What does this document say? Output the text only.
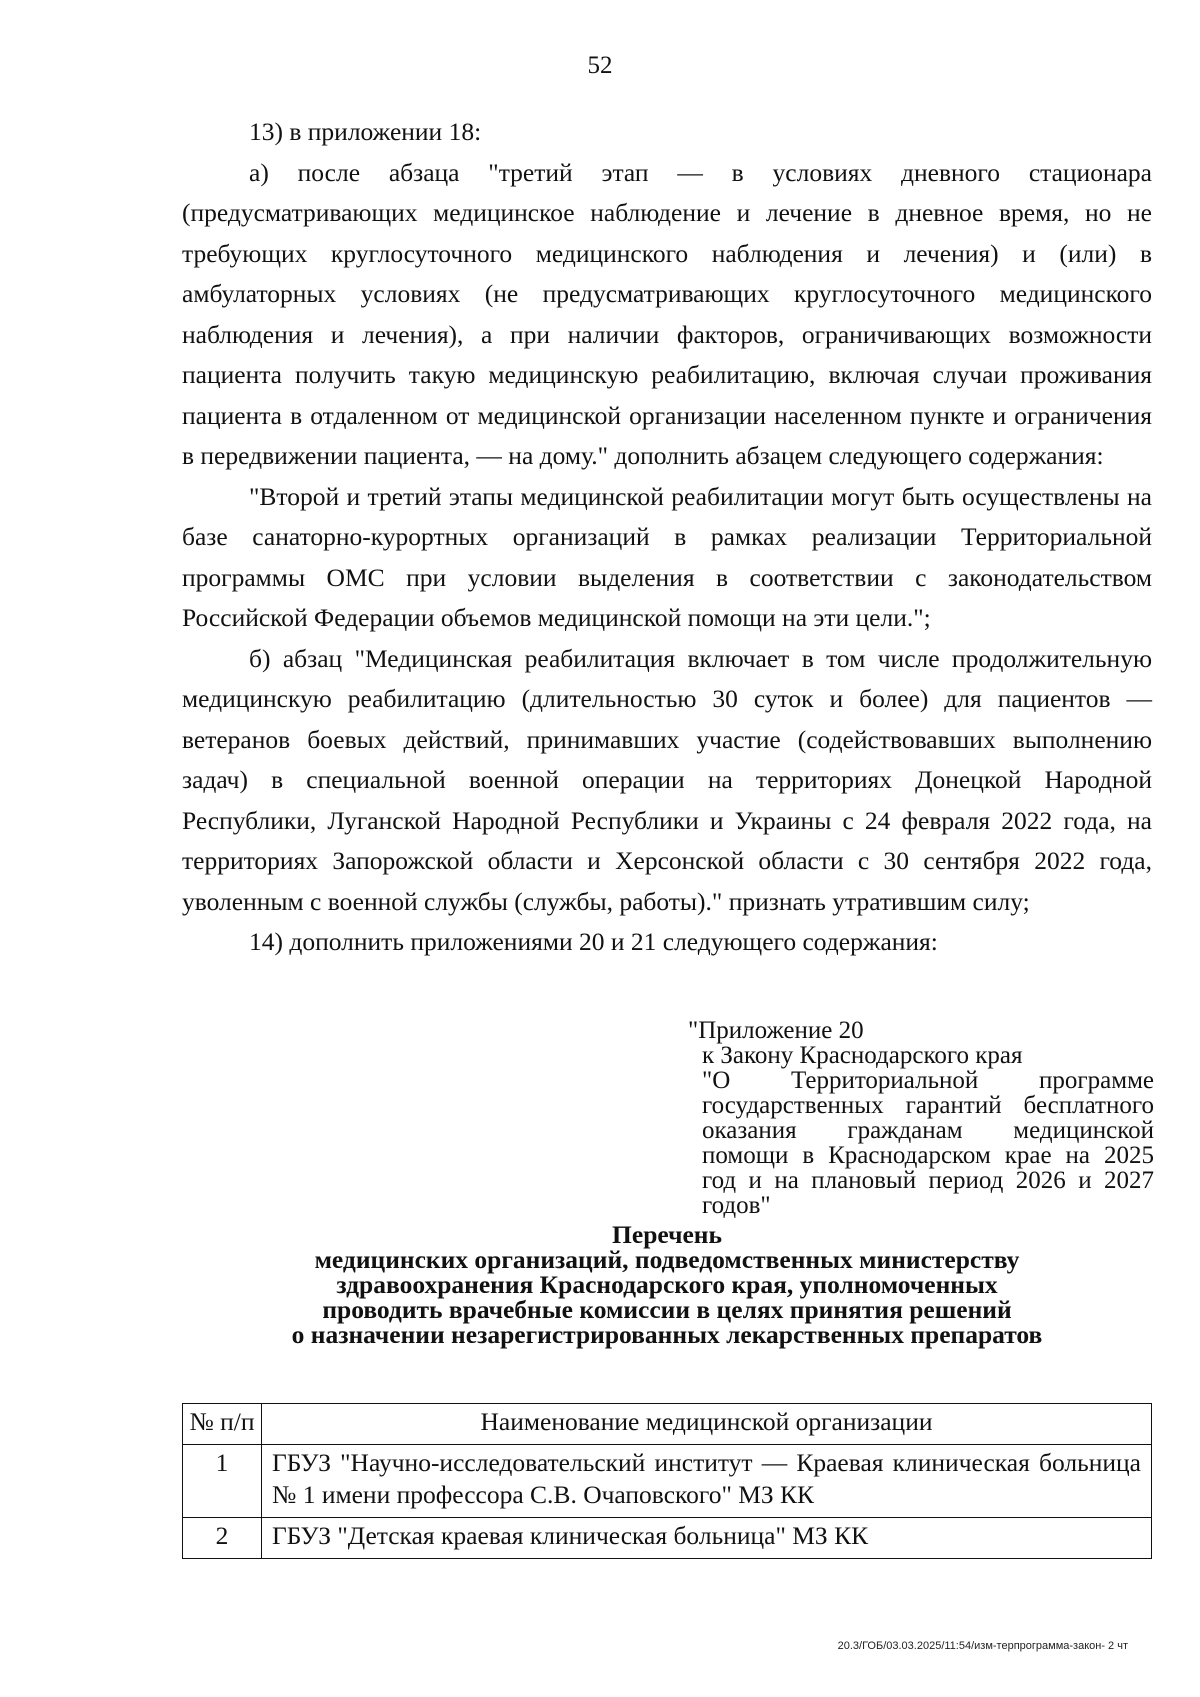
52

13) в приложении 18:

а) после абзаца "третий этап — в условиях дневного стационара (предусматривающих медицинское наблюдение и лечение в дневное время, но не требующих круглосуточного медицинского наблюдения и лечения) и (или) в амбулаторных условиях (не предусматривающих круглосуточного медицинского наблюдения и лечения), а при наличии факторов, ограничивающих возможности пациента получить такую медицинскую реабилитацию, включая случаи проживания пациента в отдаленном от медицинской организации населенном пункте и ограничения в передвижении пациента, — на дому." дополнить абзацем следующего содержания:

"Второй и третий этапы медицинской реабилитации могут быть осуществлены на базе санаторно-курортных организаций в рамках реализации Территориальной программы ОМС при условии выделения в соответствии с законодательством Российской Федерации объемов медицинской помощи на эти цели.";

б) абзац "Медицинская реабилитация включает в том числе продолжительную медицинскую реабилитацию (длительностью 30 суток и более) для пациентов — ветеранов боевых действий, принимавших участие (содействовавших выполнению задач) в специальной военной операции на территориях Донецкой Народной Республики, Луганской Народной Республики и Украины с 24 февраля 2022 года, на территориях Запорожской области и Херсонской области с 30 сентября 2022 года, уволенным с военной службы (службы, работы)." признать утратившим силу;

14) дополнить приложениями 20 и 21 следующего содержания:

"Приложение 20
к Закону Краснодарского края
"О Территориальной программе государственных гарантий бесплатного оказания гражданам медицинской помощи в Краснодарском крае на 2025 год и на плановый период 2026 и 2027 годов"
Перечень
медицинских организаций, подведомственных министерству
здравоохранения Краснодарского края, уполномоченных
проводить врачебные комиссии в целях принятия решений
о назначении незарегистрированных лекарственных препаратов
№ п/п	Наименование медицинской организации
1	ГБУЗ "Научно-исследовательский институт — Краевая клиническая больница № 1 имени профессора С.В. Очаповского" МЗ КК
2	ГБУЗ "Детская краевая клиническая больница" МЗ КК
20.3/ГОБ/03.03.2025/11:54/изм-терпрограмма-закон- 2 чт
